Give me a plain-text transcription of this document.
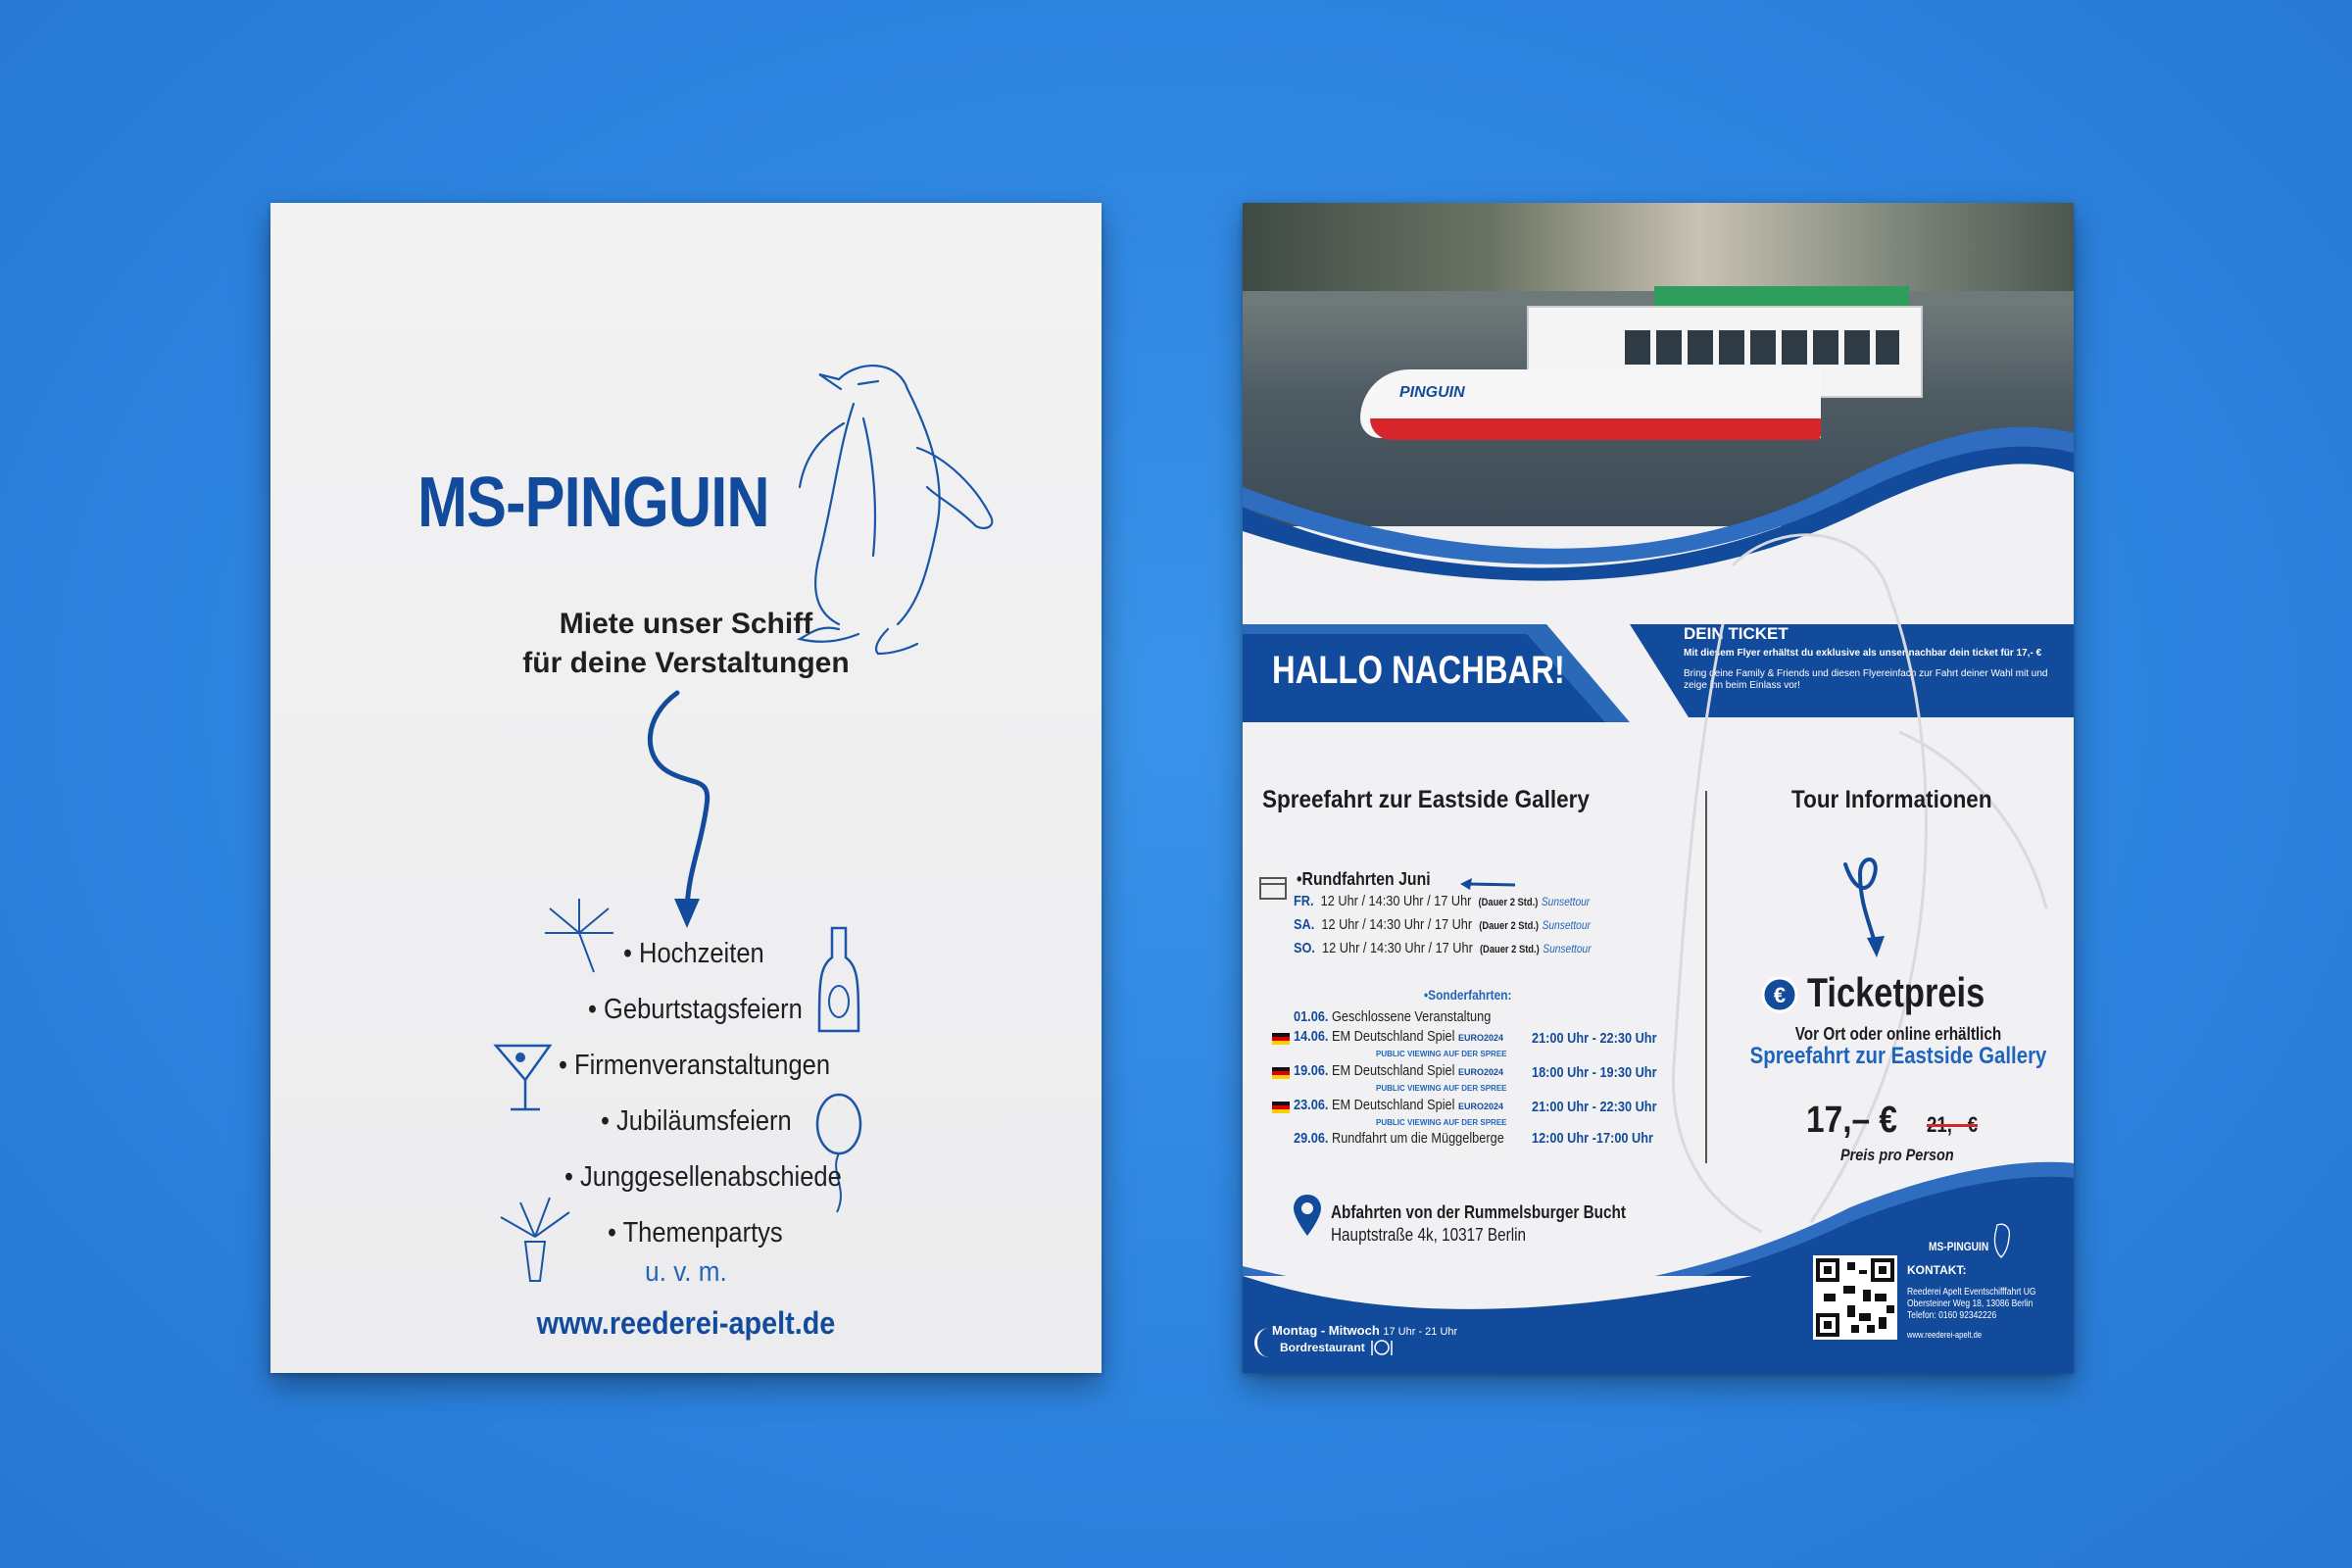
MS-PINGUIN
Miete unser Schiff
für deine Verstaltungen
• Hochzeiten
• Geburtstagsfeiern
• Firmenveranstaltungen
• Jubiläumsfeiern
• Junggesellenabschiede
• Themenpartys
u. v. m.
www.reederei-apelt.de
PINGUIN
HALLO NACHBAR!
DEIN TICKET
Mit diesem Flyer erhältst du exklusive als unser nachbar dein ticket für 17,- €
Bring deine Family & Friends und diesen Flyereinfach zur Fahrt deiner Wahl mit und zeige ihn beim Einlass vor!
Spreefahrt zur Eastside Gallery	Tour Informationen
•Rundfahrten Juni
FR. 12 Uhr / 14:30 Uhr / 17 Uhr (Dauer 2 Std.) Sunsettour
SA. 12 Uhr / 14:30 Uhr / 17 Uhr (Dauer 2 Std.) Sunsettour
SO. 12 Uhr / 14:30 Uhr / 17 Uhr (Dauer 2 Std.) Sunsettour
•Sonderfahrten:
01.06. Geschlossene Veranstaltung
14.06. EM Deutschland Spiel
PUBLIC VIEWING AUF DER SPREE
EURO2024 21:00 Uhr - 22:30 Uhr
19.06. EM Deutschland Spiel
PUBLIC VIEWING AUF DER SPREE
EURO2024 18:00 Uhr - 19:30 Uhr
23.06. EM Deutschland Spiel
PUBLIC VIEWING AUF DER SPREE
EURO2024 21:00 Uhr - 22:30 Uhr
29.06. Rundfahrt um die Müggelberge 12:00 Uhr -17:00 Uhr
€ Ticketpreis
Vor Ort oder online erhältlich
Spreefahrt zur Eastside Gallery
17,– € 21,– €
Preis pro Person
Abfahrten von der Rummelsburger Bucht
Hauptstraße 4k, 10317 Berlin
Montag - Mitwoch 17 Uhr - 21 Uhr
Bordrestaurant
MS-PINGUIN
KONTAKT:
Reederei Apelt Eventschifffahrt UG
Obersteiner Weg 18, 13086 Berlin
Telefon: 0160 92342226
www.reederei-apelt.de
